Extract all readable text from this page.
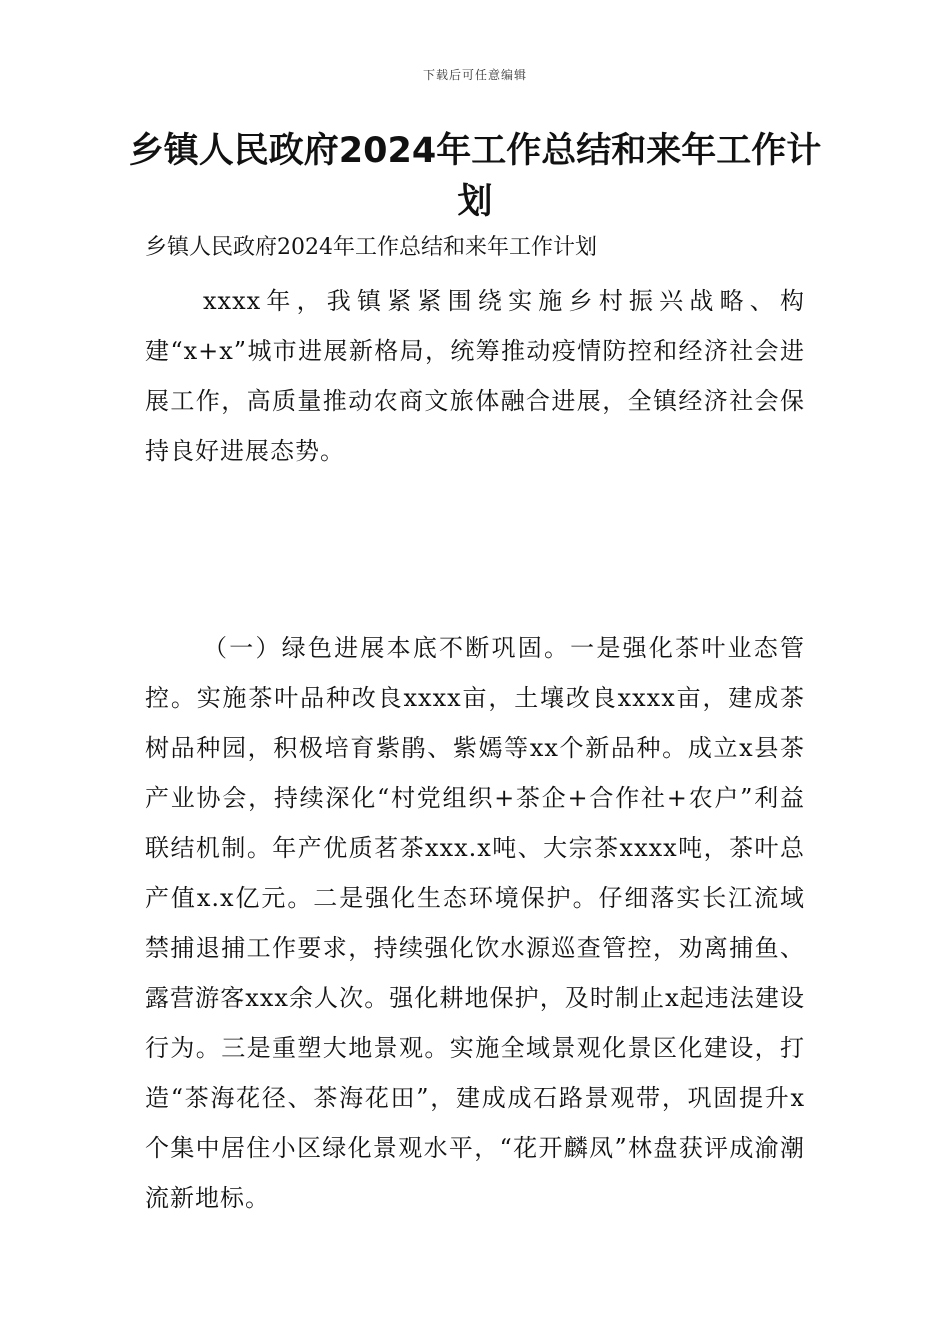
下载后可任意编辑
乡镇人民政府2024年工作总结和来年工作计划

乡镇人民政府2024年工作总结和来年工作计划

xxxx年，我镇紧紧围绕实施乡村振兴战略、构建“x+x”城市进展新格局，统筹推动疫情防控和经济社会进展工作，高质量推动农商文旅体融合进展，全镇经济社会保持良好进展态势。

（一）绿色进展本底不断巩固。一是强化茶叶业态管控。实施茶叶品种改良xxxx亩，土壤改良xxxx亩，建成茶树品种园，积极培育紫鹃、紫嫣等xx个新品种。成立x县茶产业协会，持续深化“村党组织+茶企+合作社+农户”利益联结机制。年产优质茗茶xxx.x吨、大宗茶xxxx吨，茶叶总产值x.x亿元。二是强化生态环境保护。仔细落实长江流域禁捕退捕工作要求，持续强化饮水源巡查管控，劝离捕鱼、露营游客xxx余人次。强化耕地保护，及时制止x起违法建设行为。三是重塑大地景观。实施全域景观化景区化建设，打造“茶海花径、茶海花田”，建成成石路景观带，巩固提升x个集中居住小区绿化景观水平，“花开麟凤”林盘获评成渝潮流新地标。
